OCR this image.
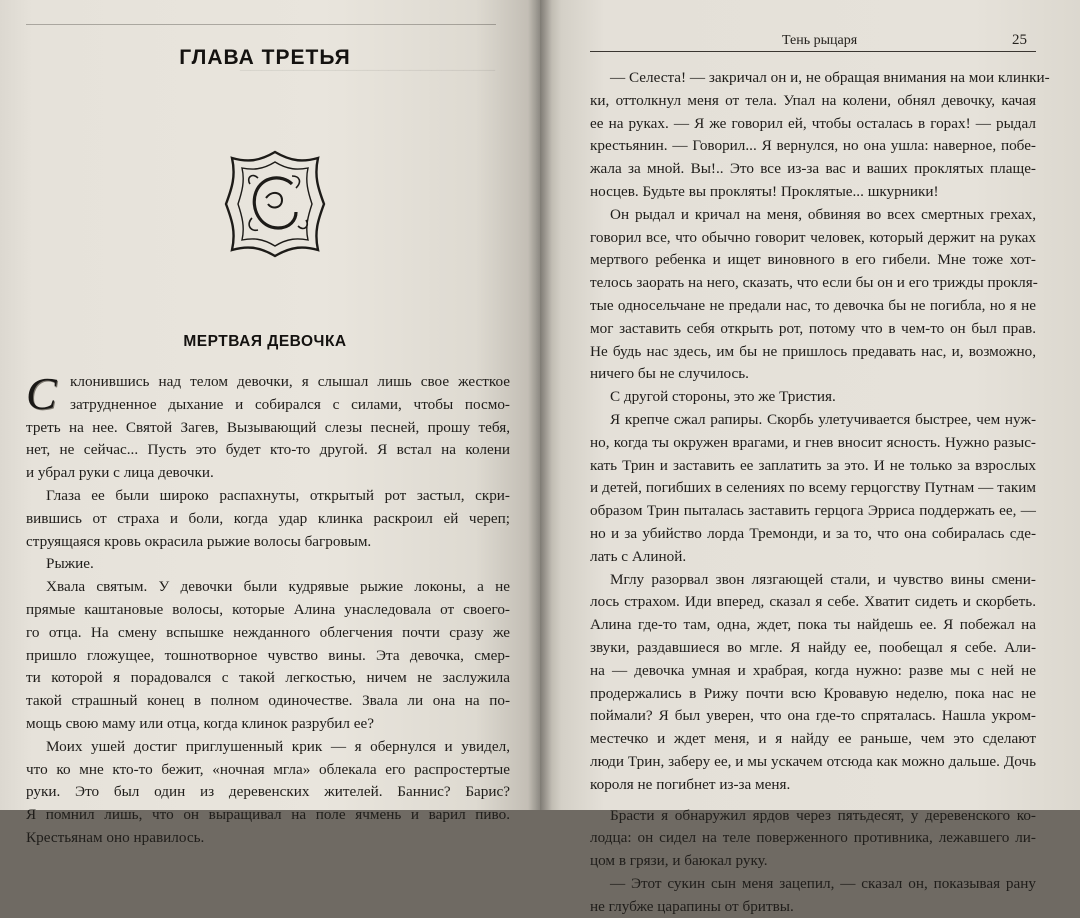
────────────────────────
ГЛАВА ТРЕТЬЯ
МЕРТВАЯ ДЕВОЧКА
С клонившись над телом девочки, я слышал лишь свое жесткое
затрудненное дыхание и собирался с силами, чтобы посмо-
треть на нее. Святой Загев, Вызывающий слезы песней, прошу тебя,
нет, не сейчас... Пусть это будет кто-то другой. Я встал на колени
и убрал руки с лица девочки.
Глаза ее были широко распахнуты, открытый рот застыл, скри-
вившись от страха и боли, когда удар клинка раскроил ей череп;
струящаяся кровь окрасила рыжие волосы багровым.
Рыжие.
Хвала святым. У девочки были кудрявые рыжие локоны, а не
прямые каштановые волосы, которые Алина унаследовала от своего-
го отца. На смену вспышке нежданного облегчения почти сразу же
пришло гложущее, тошнотворное чувство вины. Эта девочка, смер-
ти которой я порадовался с такой легкостью, ничем не заслужила
такой страшный конец в полном одиночестве. Звала ли она на по-
мощь свою маму или отца, когда клинок разрубил ее?
Моих ушей достиг приглушенный крик — я обернулся и увидел,
что ко мне кто-то бежит, «ночная мгла» облекала его распростертые
руки. Это был один из деревенских жителей. Баннис? Барис?
Я помнил лишь, что он выращивал на поле ячмень и варил пиво.
Крестьянам оно нравилось.
Тень рыцаря	25
— Селеста! — закричал он и, не обращая внимания на мои клинки-
ки, оттолкнул меня от тела. Упал на колени, обнял девочку, качая
ее на руках. — Я же говорил ей, чтобы осталась в горах! — рыдал
крестьянин. — Говорил... Я вернулся, но она ушла: наверное, побе-
жала за мной. Вы!.. Это все из-за вас и ваших проклятых плаще-
носцев. Будьте вы прокляты! Проклятые... шкурники!
Он рыдал и кричал на меня, обвиняя во всех смертных грехах,
говорил все, что обычно говорит человек, который держит на руках
мертвого ребенка и ищет виновного в его гибели. Мне тоже хот-
телось заорать на него, сказать, что если бы он и его трижды прокля-
тые односельчане не предали нас, то девочка бы не погибла, но я не
мог заставить себя открыть рот, потому что в чем-то он был прав.
Не будь нас здесь, им бы не пришлось предавать нас, и, возможно,
ничего бы не случилось.
С другой стороны, это же Тристия.
Я крепче сжал рапиры. Скорбь улетучивается быстрее, чем нуж-
но, когда ты окружен врагами, и гнев вносит ясность. Нужно разыс-
кать Трин и заставить ее заплатить за это. И не только за взрослых
и детей, погибших в селениях по всему герцогству Путнам — таким
образом Трин пыталась заставить герцога Эрриса поддержать ее, —
но и за убийство лорда Тремонди, и за то, что она собиралась сде-
лать с Алиной.
Мглу разорвал звон лязгающей стали, и чувство вины смени-
лось страхом. Иди вперед, сказал я себе. Хватит сидеть и скорбеть.
Алина где-то там, одна, ждет, пока ты найдешь ее. Я побежал на
звуки, раздавшиеся во мгле. Я найду ее, пообещал я себе. Али-
на — девочка умная и храбрая, когда нужно: разве мы с ней не
продержались в Рижу почти всю Кровавую неделю, пока нас не
поймали? Я был уверен, что она где-то спряталась. Нашла укром-
местечко и ждет меня, и я найду ее раньше, чем это сделают
люди Трин, заберу ее, и мы ускачем отсюда как можно дальше. Дочь
короля не погибнет из-за меня.
Брасти я обнаружил ярдов через пятьдесят, у деревенского ко-
лодца: он сидел на теле поверженного противника, лежавшего ли-
цом в грязи, и баюкал руку.
— Этот сукин сын меня зацепил, — сказал он, показывая рану
не глубже царапины от бритвы.
